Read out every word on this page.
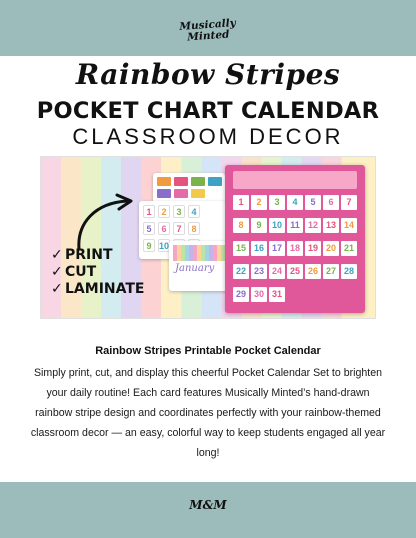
Musically Minted
Rainbow Stripes
POCKET CHART CALENDAR
CLASSROOM DECOR
1	2	3	4
5	6	7	8
9 10
January
1	2	3	4	5	6	7
8	9	10 11 12 13 14
15 16 17 18 19 20 21
22 23 24 25 26 27 28
29 30 31
✓ PRINT
✓ CUT
✓ LAMINATE
Rainbow Stripes Printable Pocket Calendar
Simply print, cut, and display this cheerful Pocket Calendar Set to brighten your daily routine! Each card features Musically Minted’s hand-drawn rainbow stripe design and coordinates perfectly with your rainbow-themed classroom decor — an easy, colorful way to keep students engaged all year long!
M&M
